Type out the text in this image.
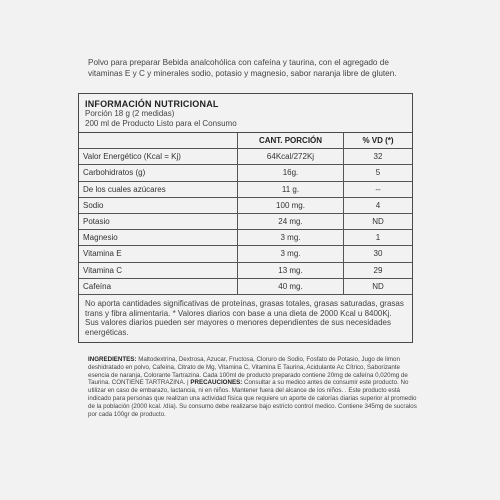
Polvo para preparar Bebida analcohólica con cafeína y taurina, con el agregado de vitaminas E y C y minerales sodio, potasio y magnesio, sabor naranja libre de gluten.
INFORMACIÓN NUTRICIONAL
Porción 18 g (2 medidas)
200 ml de Producto Listo para el Consumo
	CANT. PORCIÓN	% VD (*)
Valor Energético (Kcal = Kj)	64Kcal/272Kj	32
Carbohidratos (g)	16g.	5
De los cuales azúcares	11 g.	--
Sodio	100 mg.	4
Potasio	24 mg.	ND
Magnesio	3 mg.	1
Vitamina E	3 mg.	30
Vitamina C	13 mg.	29
Cafeína	40 mg.	ND
No aporta cantidades significativas de proteínas, grasas totales, grasas saturadas, grasas trans y fibra alimentaria. * Valores diarios con base a una dieta de 2000 Kcal u 8400Kj. Sus valores diarios pueden ser mayores o menores dependientes de sus necesidades energéticas.
INGREDIENTES: Maltodextrina, Dextrosa, Azucar, Fructosa, Cloruro de Sodio, Fosfato de Potasio, Jugo de limon deshidratado en polvo, Cafeína, Citrato de Mg, Vitamina C, Vitamina E Taurina, Acidulante Ac Cítrico, Saborizante esencia de naranja, Colorante Tartrazina. Cada 100ml de producto preparado contiene 20mg de cafeína 0,020mg de Taurina. CONTIENE TARTRAZINA. | PRECAUCIONES: Consultar a su medico antes de consumir este producto. No utilizar en caso de embarazo, lactancia, ni en niños. Mantener fuera del alcance de los niños. . Este producto está indicado para personas que realizan una actividad física que requiere un aporte de calorías diarias superior al promedio de la población (2000 kcal. /día). Su consumo debe realizarse bajo estricto control medico. Contiene 345mg de sucralos por cada 100gr de producto.
